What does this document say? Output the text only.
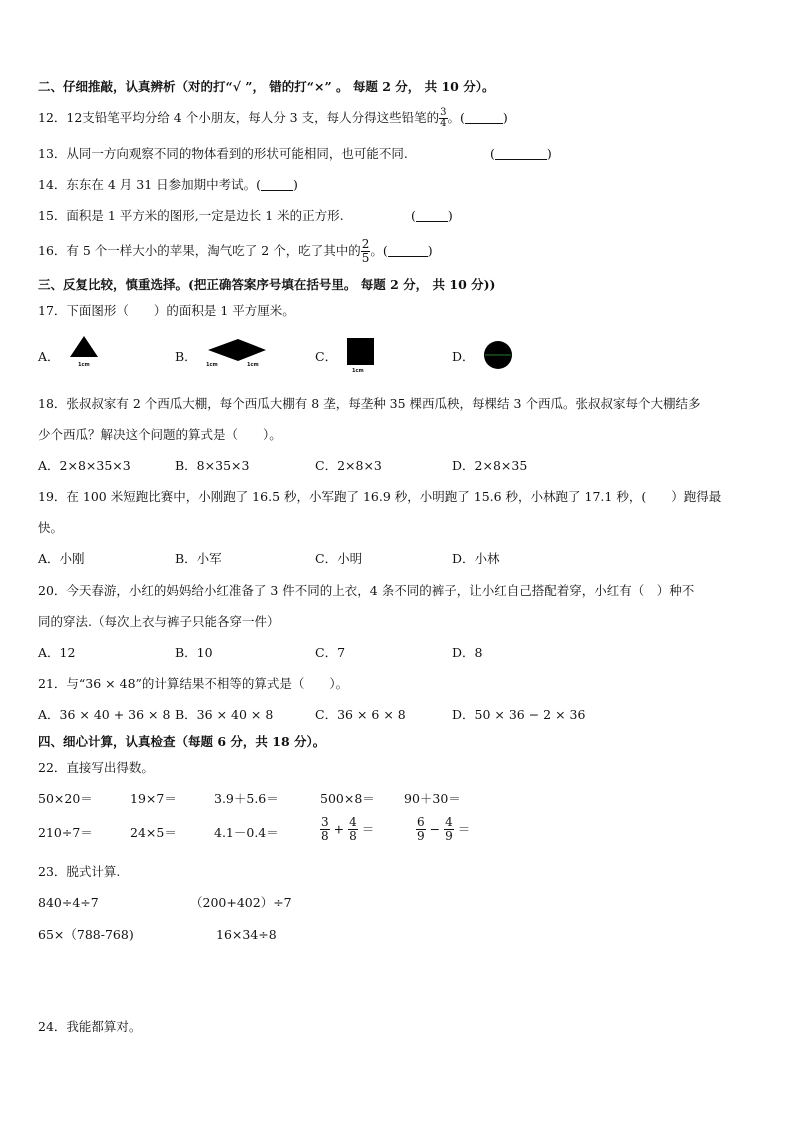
二、仔细推敲，认真辨析（对的打“√ ”， 错的打“×” 。 每题 2 分， 共 10 分）。
12．12支铅笔平均分给 4 个小朋友，每人分 3 支，每人分得这些铅笔的 $\frac{3}{4}$ 。(	)
13．从同一方向观察不同的物体看到的形状可能相同，也可能不同.	(	)
14．东东在 4 月 31 日参加期中考试。(	)
15．面积是 1 平方米的图形,一定是边长 1 米的正方形.	(	)
16．有 5 个一样大小的苹果，淘气吃了 2 个，吃了其中的 $\frac{2}{5}$ 。(	)
三、反复比较，慎重选择。(把正确答案序号填在括号里。 每题 2 分， 共 10 分))
17．下面图形（　　）的面积是 1 平方厘米。
A．
1cm
B．
1cm	1cm
C．
1cm
D．
18．张叔叔家有 2 个西瓜大棚，每个西瓜大棚有 8 垄，每垄种 35 棵西瓜秧，每棵结 3 个西瓜。张叔叔家每个大棚结多
少个西瓜？解决这个问题的算式是（　　）。
A．2×8×35×3	B．8×35×3	C．2×8×3	D．2×8×35
19．在 100 米短跑比赛中，小刚跑了 16.5 秒，小军跑了 16.9 秒，小明跑了 15.6 秒，小林跑了 17.1 秒，(　　）跑得最
快。
A．小刚	B．小军	C．小明	D．小林
20．今天春游，小红的妈妈给小红准备了 3 件不同的上衣，4 条不同的裤子，让小红自己搭配着穿，小红有（　）种不
同的穿法.（每次上衣与裤子只能各穿一件）
A．12	B．10	C．7	D．8
21．与“36 × 48”的计算结果不相等的算式是（　　）。
A．36 × 40 + 36 × 8 B．36 × 40 × 8	C．36 × 6 × 8	D．50 × 36 − 2 × 36
四、细心计算，认真检查（每题 6 分，共 18 分）。
22．直接写出得数。
50×20＝	19×7＝	3.9＋5.6＝	500×8＝ 90＋30＝
210÷7＝	24×5＝	4.1－0.4＝	$\frac{3}{8} + \frac{4}{8}$ ＝	$\frac{6}{9} - \frac{4}{9}$ ＝
23．脱式计算.
840÷4÷7	（200+402）÷7
65×（788-768)	16×34÷8
24．我能都算对。
